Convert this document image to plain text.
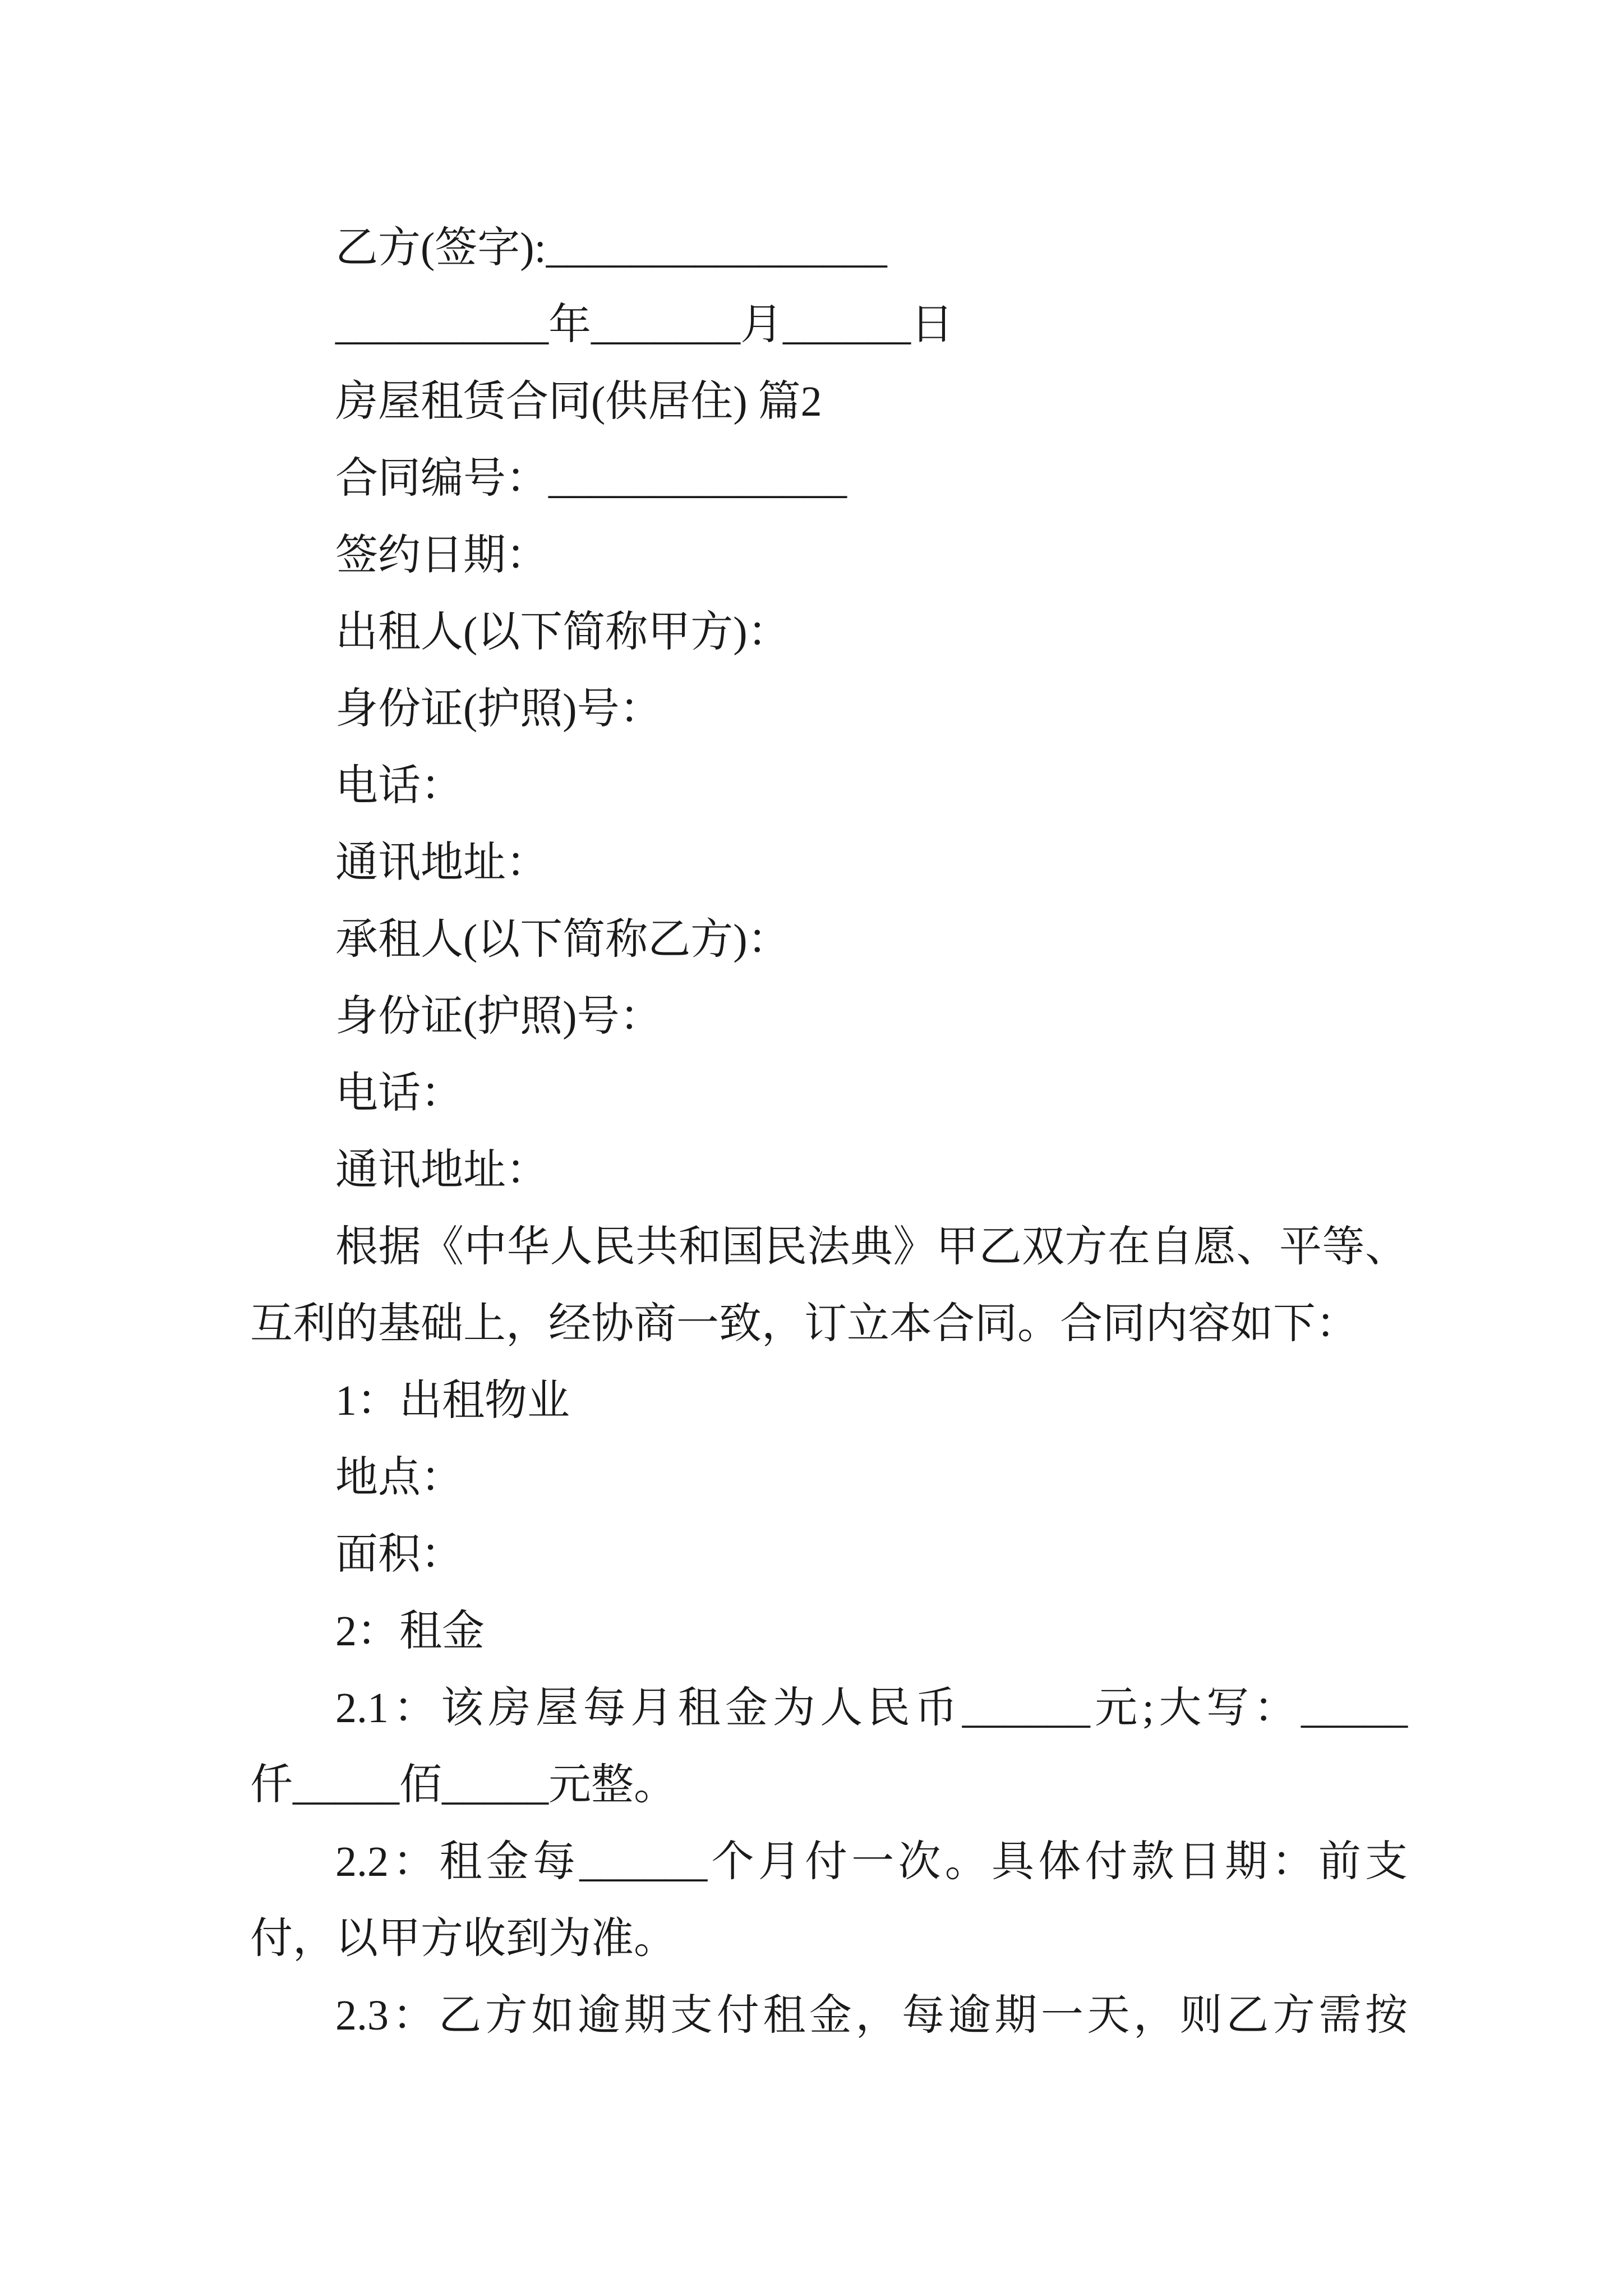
乙方(签字):________________
__________年_______月______日
房屋租赁合同(供居住) 篇2
合同编号：______________
签约日期：
出租人(以下简称甲方)：
身份证(护照)号：
电话：
通讯地址：
承租人(以下简称乙方)：
身份证(护照)号：
电话：
通讯地址：
根据《中华人民共和国民法典》甲乙双方在自愿、平等、
互利的基础上，经协商一致，订立本合同。合同内容如下：
1：出租物业
地点：
面积：
2：租金
2.1：该房屋每月租金为人民币______元;大写：_____
仟_____佰_____元整。
2.2：租金每______个月付一次。具体付款日期：前支
付，以甲方收到为准。
2.3：乙方如逾期支付租金，每逾期一天，则乙方需按
